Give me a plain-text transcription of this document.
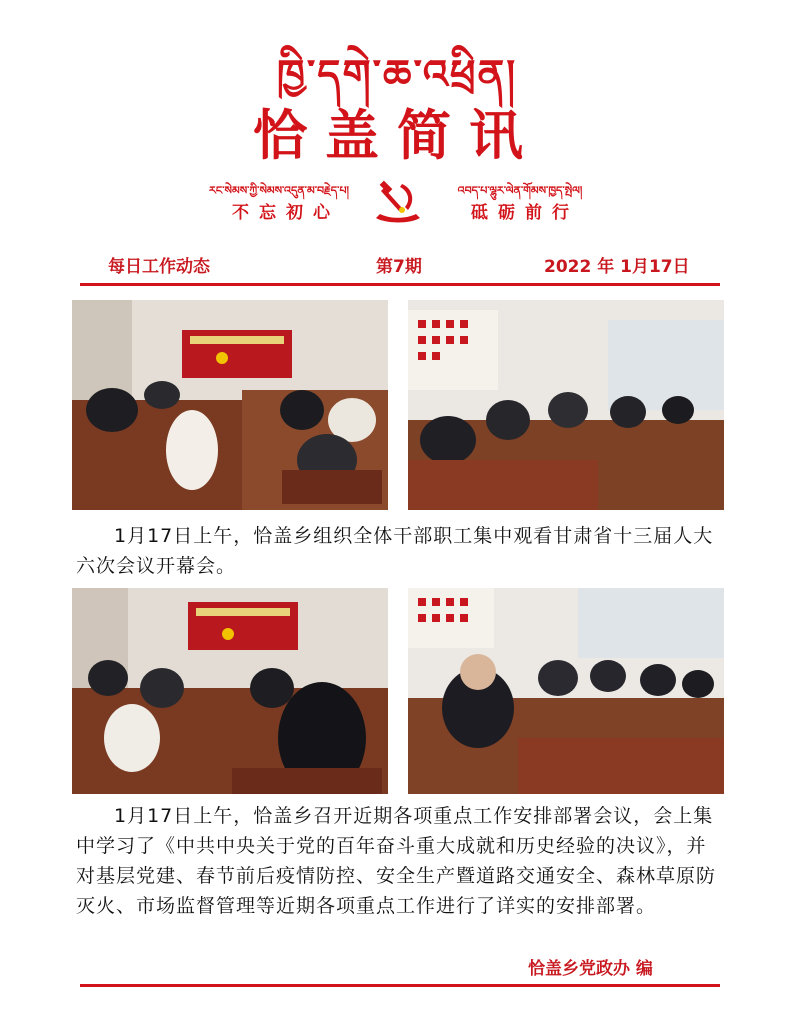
ཁྱི་དགེ་ཆ་འཕྲིན།
恰盖简讯
རང་སེམས་ཀྱི་སེམས་འདུན་མ་བརྗེད་པ།
不忘初心
འབད་པ་ལྷུར་ལེན་གོམས་ཁྱད་སྤེལ།
砥砺前行
每日工作动态	第7期	2022 年 1月17日
1月17日上午，恰盖乡组织全体干部职工集中观看甘肃省十三届人大六次会议开幕会。
1月17日上午，恰盖乡召开近期各项重点工作安排部署会议，会上集中学习了《中共中央关于党的百年奋斗重大成就和历史经验的决议》，并对基层党建、春节前后疫情防控、安全生产暨道路交通安全、森林草原防灭火、市场监督管理等近期各项重点工作进行了详实的安排部署。
恰盖乡党政办 编
